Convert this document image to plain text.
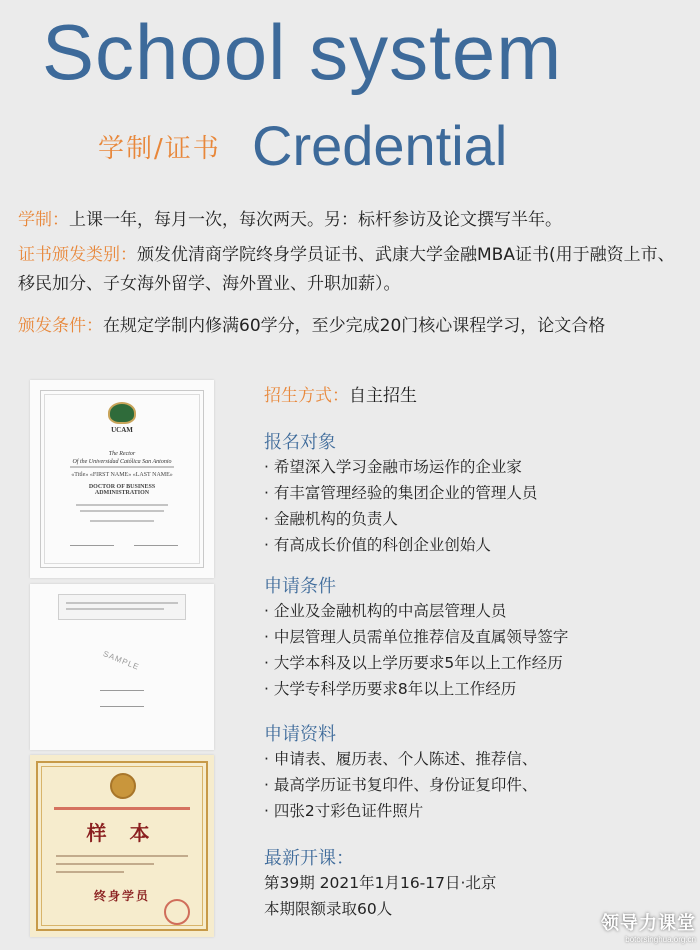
School system
学制/证书 Credential
学制：上课一年，每月一次，每次两天。另：标杆参访及论文撰写半年。
证书颁发类别：颁发优清商学院终身学员证书、武康大学金融MBA证书(用于融资上市、移民加分、子女海外留学、海外置业、升职加薪）。
颁发条件：在规定学制内修满60学分，至少完成20门核心课程学习，论文合格
UCAM
The Rector
Of the Universidad Católica San Antonio
«Title» «FIRST NAME» «LAST NAME»
DOCTOR OF BUSINESS
ADMINISTRATION
SAMPLE
样 本
终身学员
招生方式：自主招生
报名对象
· 希望深入学习金融市场运作的企业家
· 有丰富管理经验的集团企业的管理人员
· 金融机构的负责人
· 有高成长价值的科创企业创始人
申请条件
· 企业及金融机构的中高层管理人员
· 中层管理人员需单位推荐信及直属领导签字
· 大学本科及以上学历要求5年以上工作经历
· 大学专科学历要求8年以上工作经历
申请资料
· 申请表、履历表、个人陈述、推荐信、
· 最高学历证书复印件、身份证复印件、
· 四张2寸彩色证件照片
最新开课：
第39期 2021年1月16-17日·北京
本期限额录取60人
领导力课堂
botorsinghua.org.cn
